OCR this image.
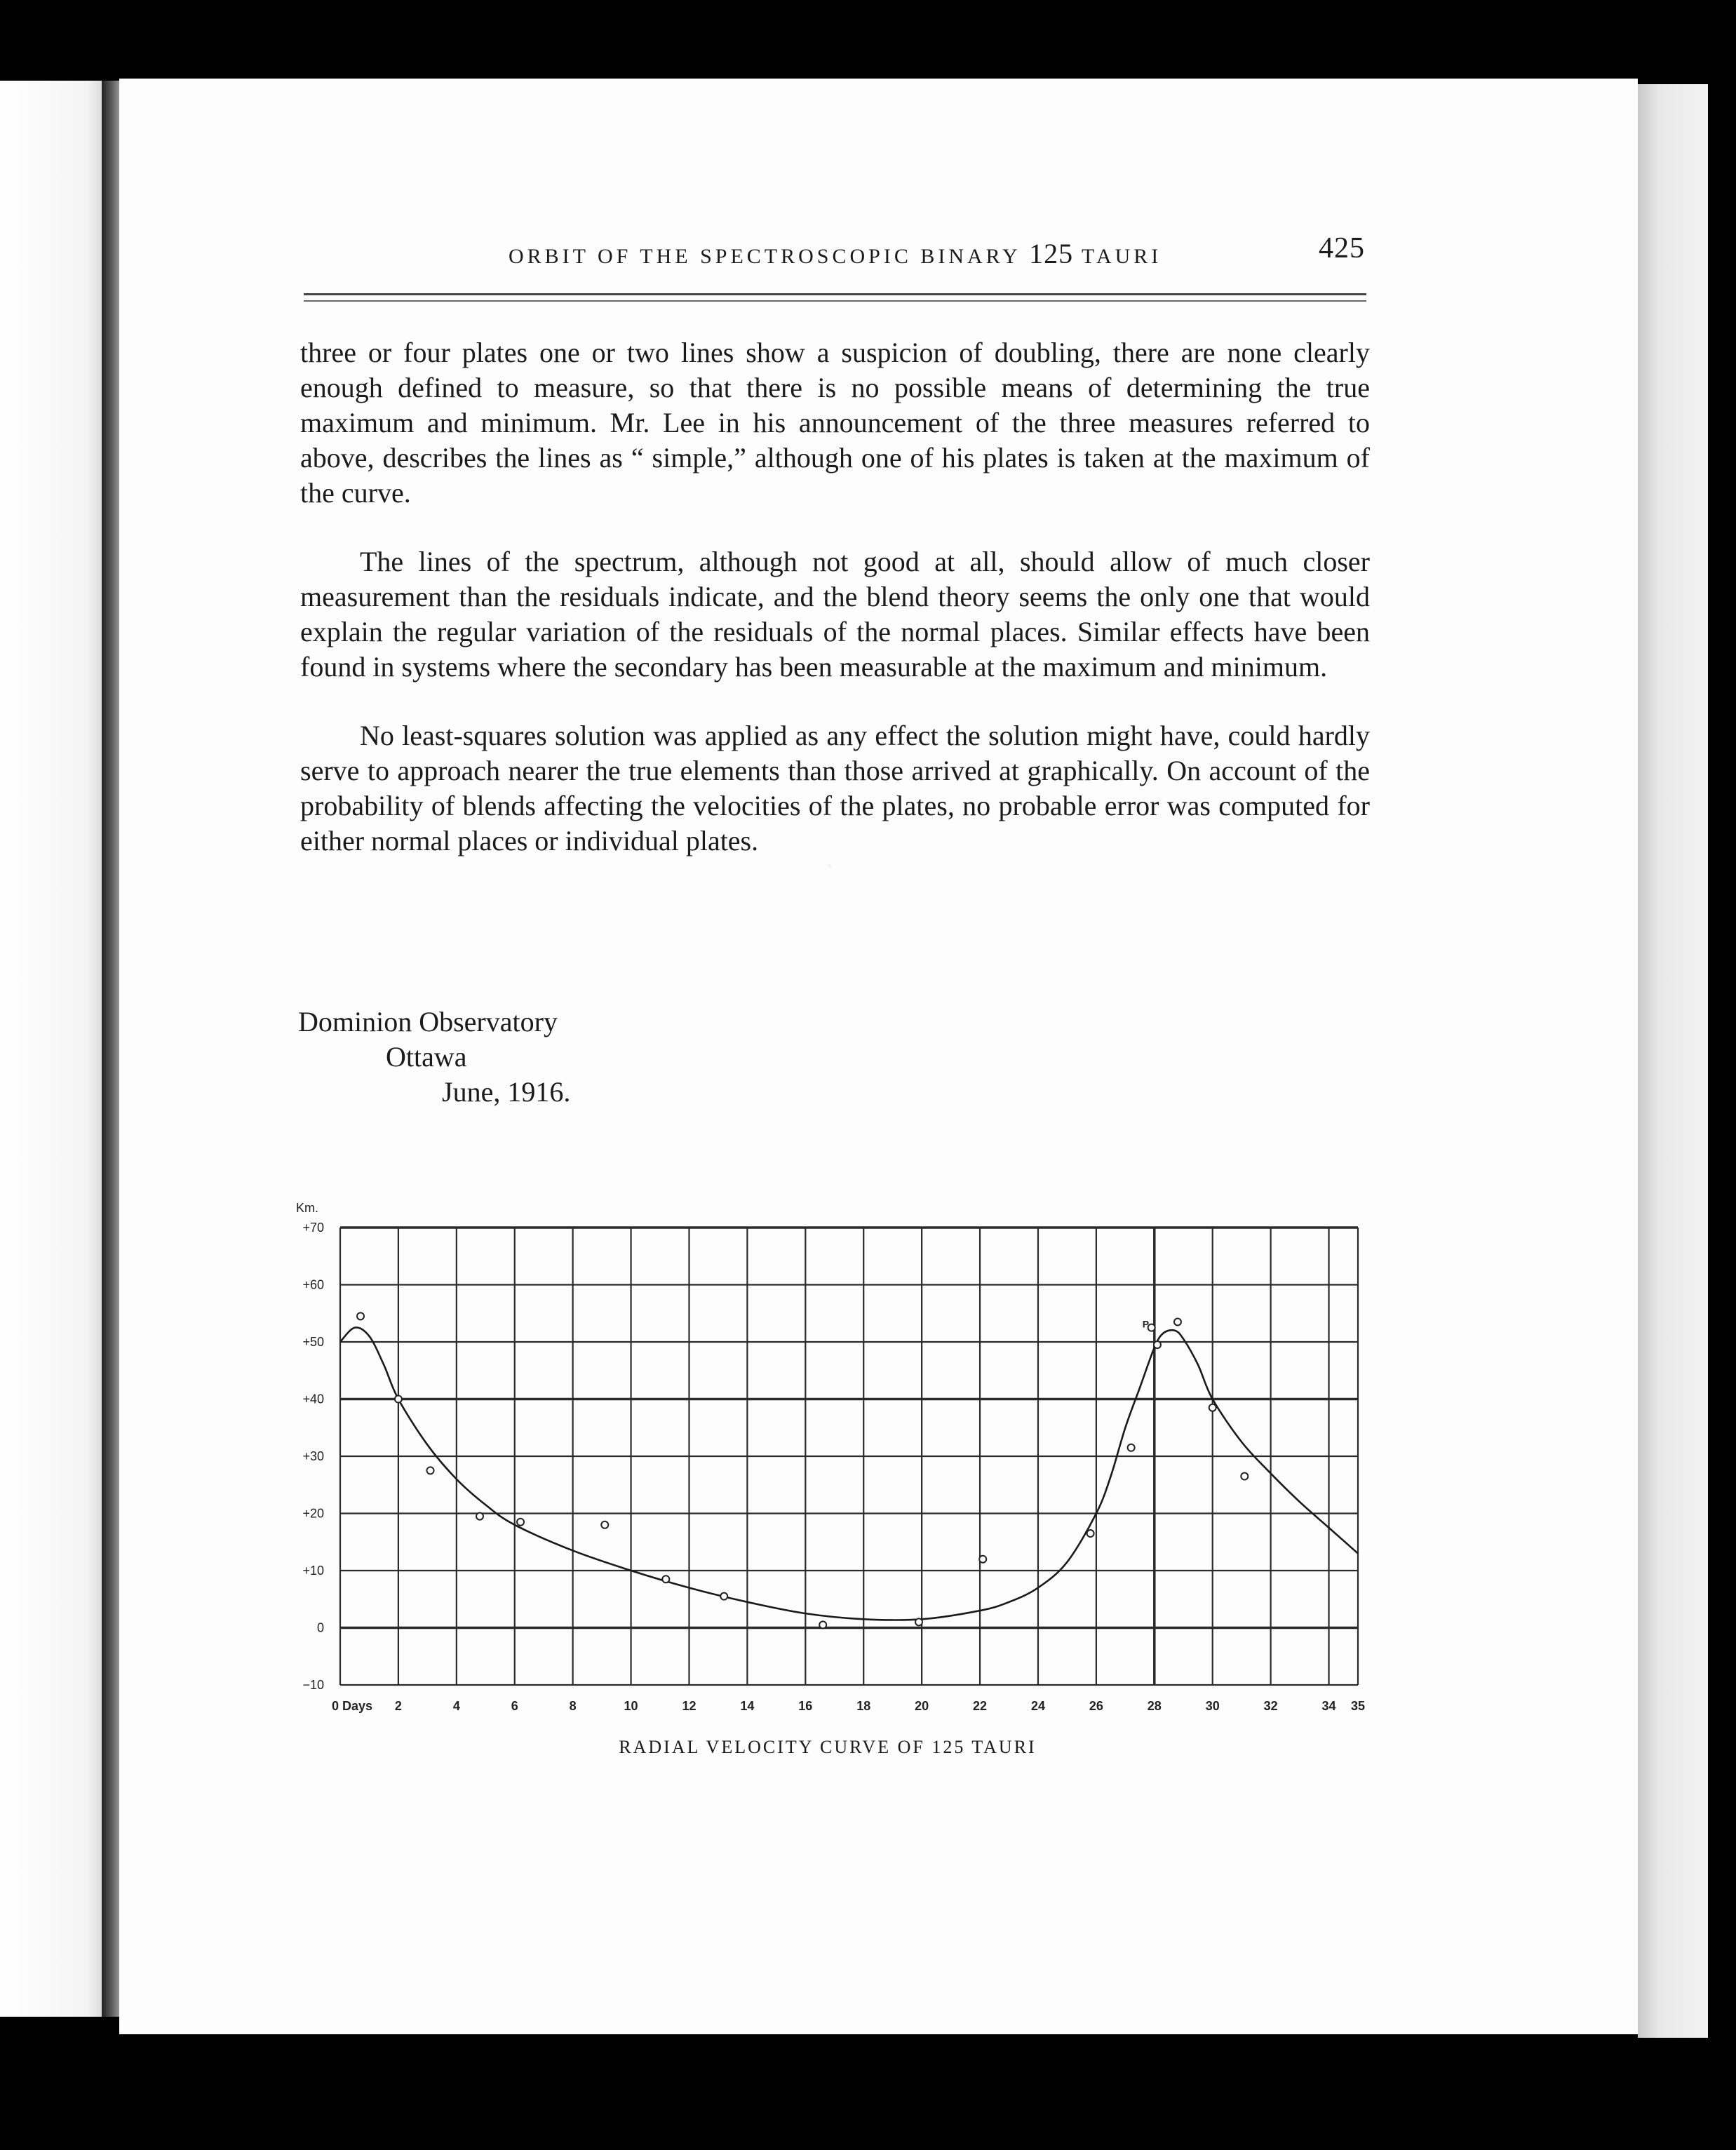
ORBIT OF THE SPECTROSCOPIC BINARY 125 TAURI	425

three or four plates one or two lines show a suspicion of doubling, there are none clearly enough defined to measure, so that there is no possible means of determining the true maximum and minimum. Mr. Lee in his announcement of the three measures referred to above, describes the lines as “ simple,” although one of his plates is taken at the maximum of the curve.

The lines of the spectrum, although not good at all, should allow of much closer measurement than the residuals indicate, and the blend theory seems the only one that would explain the regular variation of the residuals of the normal places. Similar effects have been found in systems where the secondary has been measurable at the maximum and minimum.

No least-squares solution was applied as any effect the solution might have, could hardly serve to approach nearer the true elements than those arrived at graphically. On account of the probability of blends affecting the velocities of the plates, no probable error was computed for either normal places or individual plates.

Dominion Observatory
Ottawa
June, 1916.
Km.
+70
+60
+50
+40
+30
+20
+10
0
−10
0 Days 2	4	6	8	10	12	14	16	18	20	22	24	26	28	30	32	34 35
P
RADIAL VELOCITY CURVE OF 125 TAURI
